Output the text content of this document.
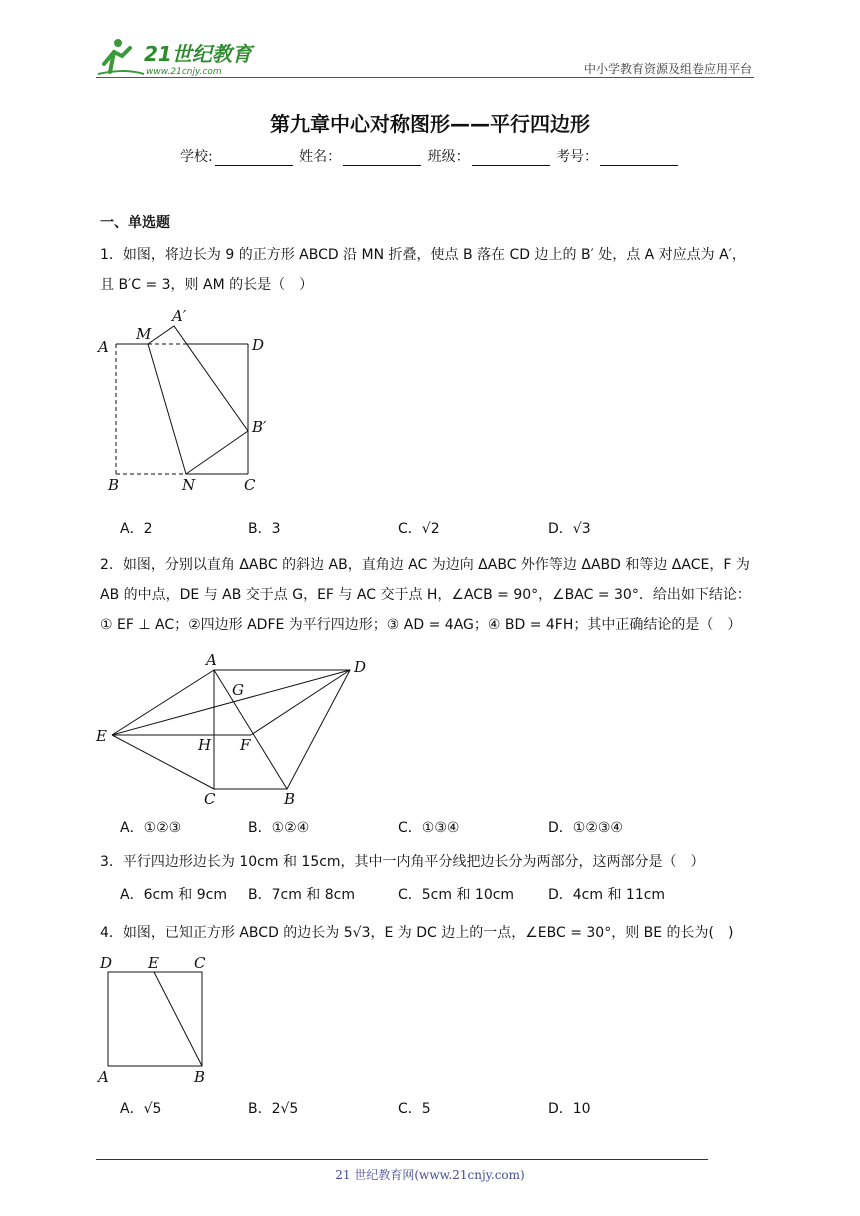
21世纪教育
www.21cnjy.com	中小学教育资源及组卷应用平台
第九章中心对称图形——平行四边形
学校:	姓名：	班级：	考号：
一、单选题
1．如图，将边长为 9 的正方形 ABCD 沿 MN 折叠，使点 B 落在 CD 边上的 B′ 处，点 A 对应点为 A′，
且 B′C = 3，则 AM 的长是（　）
A
M
A′
D
B′
B	N	C
A．2	B．3	C．√2	D．√3
2．如图，分别以直角 ΔABC 的斜边 AB，直角边 AC 为边向 ΔABC 外作等边 ΔABD 和等边 ΔACE，F 为
AB 的中点，DE 与 AB 交于点 G，EF 与 AC 交于点 H，∠ACB = 90°，∠BAC = 30°．给出如下结论：
① EF ⊥ AC；②四边形 ADFE 为平行四边形；③ AD = 4AG；④ BD = 4FH；其中正确结论的是（　）
A	D
G
E	H F
C	B
A．①②③	B．①②④	C．①③④	D．①②③④
3．平行四边形边长为 10cm 和 15cm，其中一内角平分线把边长分为两部分，这两部分是（　）
A．6cm 和 9cm B．7cm 和 8cm	C．5cm 和 10cm D．4cm 和 11cm
4．如图，已知正方形 ABCD 的边长为 5√3，E 为 DC 边上的一点，∠EBC = 30°，则 BE 的长为(　)
D E C
A	B
A．√5	B．2√5	C．5	D．10
21 世纪教育网(www.21cnjy.com)
